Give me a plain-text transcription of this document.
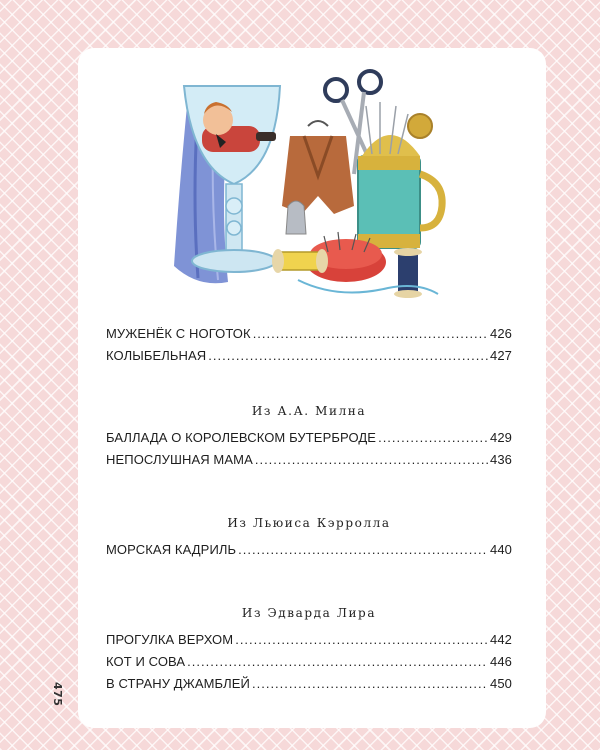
МУЖЕНЁК С НОГОТОК .....	426
КОЛЫБЕЛЬНАЯ .....	427
Из А.А. Милна
БАЛЛАДА О КОРОЛЕВСКОМ БУТЕРБРОДЕ .....	429
НЕПОСЛУШНАЯ МАМА .....	436
Из Льюиса Кэрролла
МОРСКАЯ КАДРИЛЬ .....	440
Из Эдварда Лира
ПРОГУЛКА ВЕРХОМ .....	442
КОТ И СОВА .....	446
В СТРАНУ ДЖАМБЛЕЙ .....	450
475
